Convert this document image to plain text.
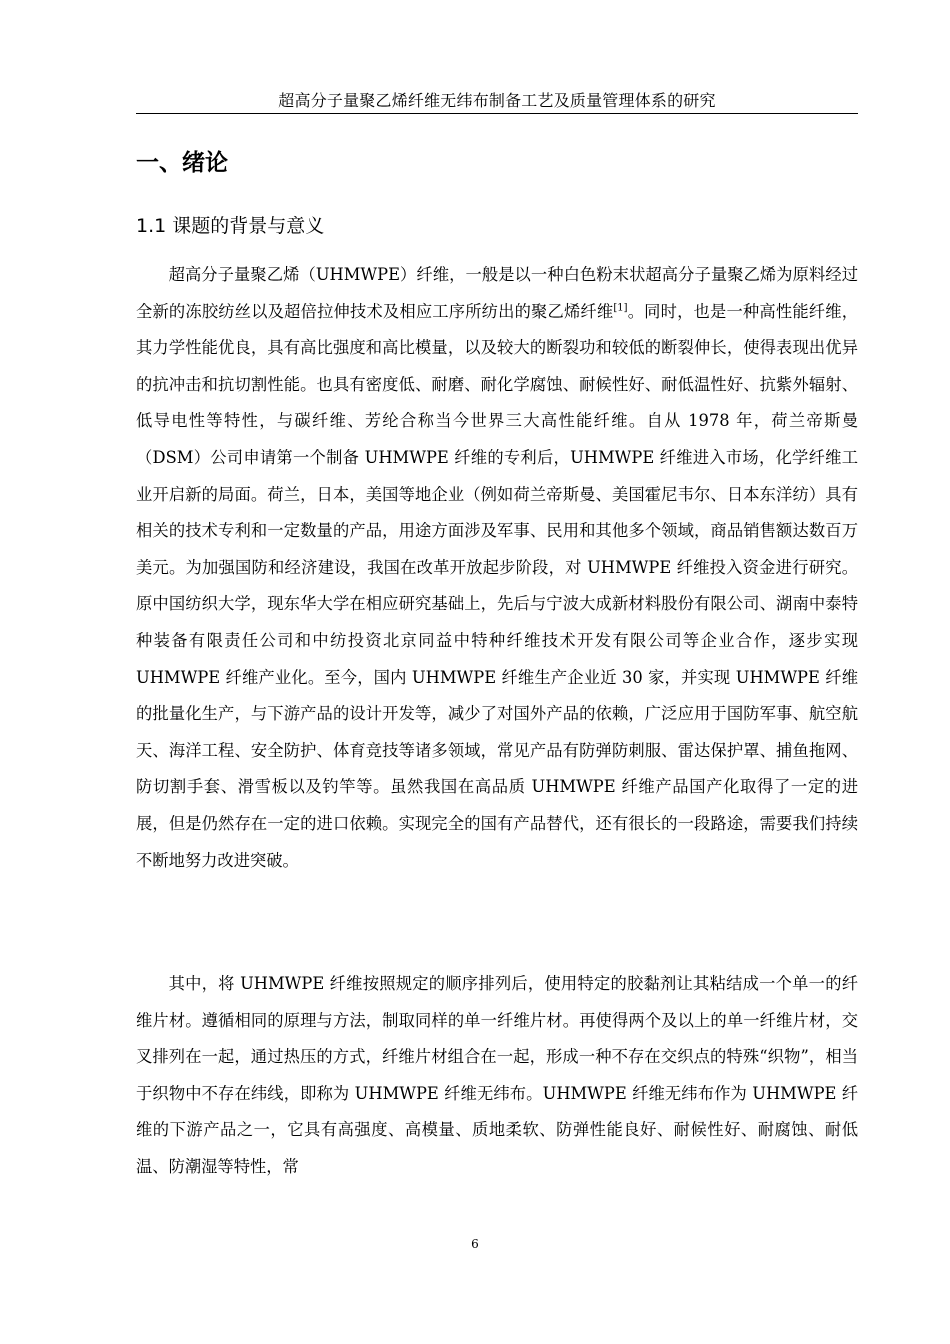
超高分子量聚乙烯纤维无纬布制备工艺及质量管理体系的研究
一、绪论
1.1 课题的背景与意义

超高分子量聚乙烯（UHMWPE）纤维，一般是以一种白色粉末状超高分子量聚乙烯为原料经过全新的冻胶纺丝以及超倍拉伸技术及相应工序所纺出的聚乙烯纤维[1]。同时，也是一种高性能纤维，其力学性能优良，具有高比强度和高比模量，以及较大的断裂功和较低的断裂伸长，使得表现出优异的抗冲击和抗切割性能。也具有密度低、耐磨、耐化学腐蚀、耐候性好、耐低温性好、抗紫外辐射、低导电性等特性，与碳纤维、芳纶合称当今世界三大高性能纤维。自从 1978 年，荷兰帝斯曼（DSM）公司申请第一个制备 UHMWPE 纤维的专利后，UHMWPE 纤维进入市场，化学纤维工业开启新的局面。荷兰，日本，美国等地企业（例如荷兰帝斯曼、美国霍尼韦尔、日本东洋纺）具有相关的技术专利和一定数量的产品，用途方面涉及军事、民用和其他多个领域，商品销售额达数百万美元。为加强国防和经济建设，我国在改革开放起步阶段，对 UHMWPE 纤维投入资金进行研究。原中国纺织大学，现东华大学在相应研究基础上，先后与宁波大成新材料股份有限公司、湖南中泰特种装备有限责任公司和中纺投资北京同益中特种纤维技术开发有限公司等企业合作，逐步实现 UHMWPE 纤维产业化。至今，国内 UHMWPE 纤维生产企业近 30 家，并实现 UHMWPE 纤维的批量化生产，与下游产品的设计开发等，减少了对国外产品的依赖，广泛应用于国防军事、航空航天、海洋工程、安全防护、体育竞技等诸多领域，常见产品有防弹防刺服、雷达保护罩、捕鱼拖网、防切割手套、滑雪板以及钓竿等。虽然我国在高品质 UHMWPE 纤维产品国产化取得了一定的进展，但是仍然存在一定的进口依赖。实现完全的国有产品替代，还有很长的一段路途，需要我们持续不断地努力改进突破。

其中，将 UHMWPE 纤维按照规定的顺序排列后，使用特定的胶黏剂让其粘结成一个单一的纤维片材。遵循相同的原理与方法，制取同样的单一纤维片材。再使得两个及以上的单一纤维片材，交叉排列在一起，通过热压的方式，纤维片材组合在一起，形成一种不存在交织点的特殊“织物”，相当于织物中不存在纬线，即称为 UHMWPE 纤维无纬布。UHMWPE 纤维无纬布作为 UHMWPE 纤维的下游产品之一，它具有高强度、高模量、质地柔软、防弹性能良好、耐候性好、耐腐蚀、耐低温、防潮湿等特性，常

6
